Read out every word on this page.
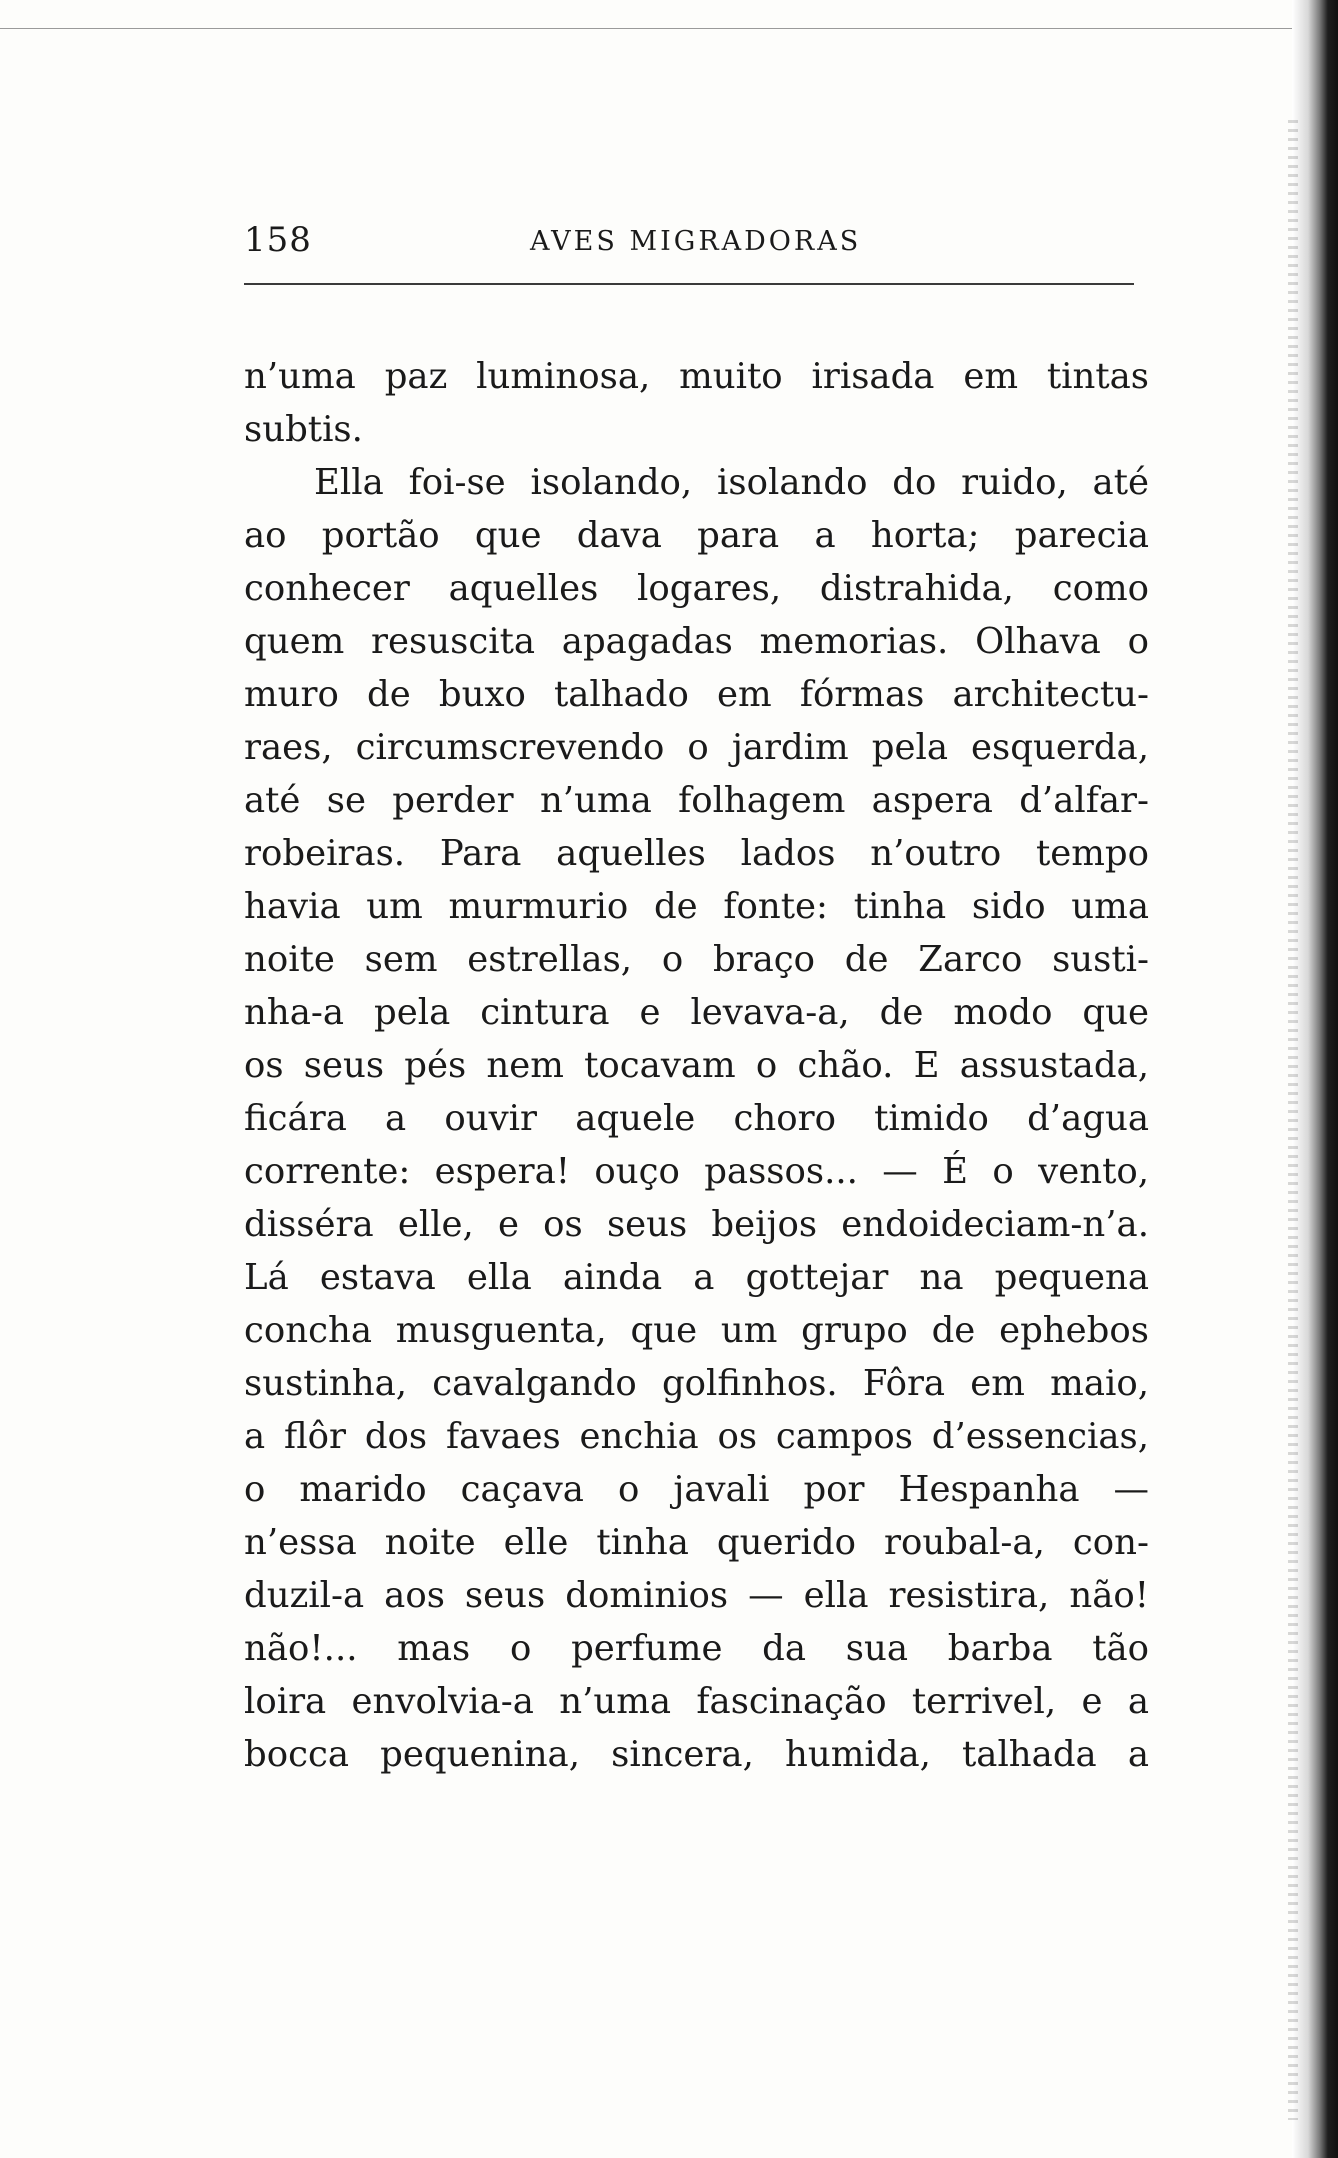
158	AVES MIGRADORAS
n’uma paz luminosa, muito irisada em tintas
subtis.
Ella foi-se isolando, isolando do ruido, até
ao portão que dava para a horta; parecia
conhecer aquelles logares, distrahida, como
quem resuscita apagadas memorias. Olhava o
muro de buxo talhado em fórmas architectu-
raes, circumscrevendo o jardim pela esquerda,
até se perder n’uma folhagem aspera d’alfar-
robeiras. Para aquelles lados n’outro tempo
havia um murmurio de fonte: tinha sido uma
noite sem estrellas, o braço de Zarco susti-
nha-a pela cintura e levava-a, de modo que
os seus pés nem tocavam o chão. E assustada,
ficára a ouvir aquele choro timido d’agua
corrente: espera! ouço passos... — É o vento,
disséra elle, e os seus beijos endoideciam-n’a.
Lá estava ella ainda a gottejar na pequena
concha musguenta, que um grupo de ephebos
sustinha, cavalgando golfinhos. Fôra em maio,
a flôr dos favaes enchia os campos d’essencias,
o marido caçava o javali por Hespanha —
n’essa noite elle tinha querido roubal-a, con-
duzil-a aos seus dominios — ella resistira, não!
não!... mas o perfume da sua barba tão
loira envolvia-a n’uma fascinação terrivel, e a
bocca pequenina, sincera, humida, talhada a
